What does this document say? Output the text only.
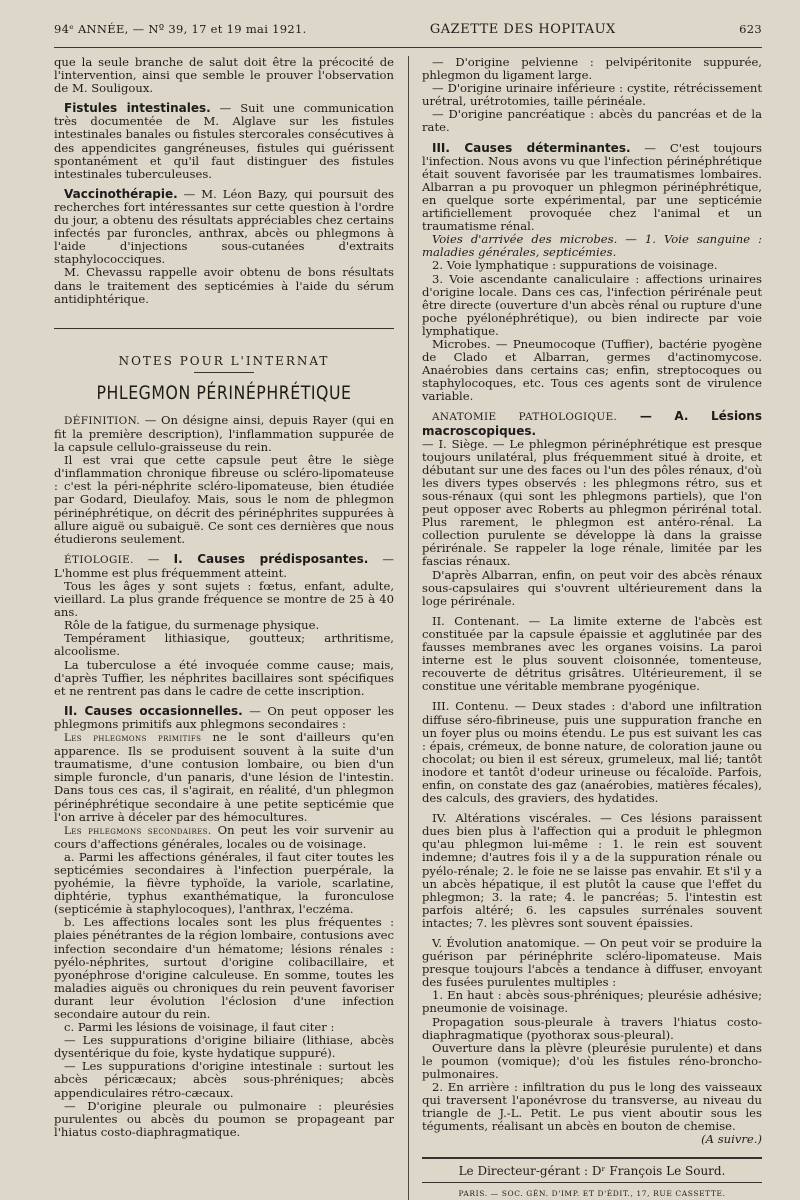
94ᵉ ANNÉE, — Nº 39, 17 et 19 mai 1921.	GAZETTE DES HOPITAUX	623

que la seule branche de salut doit être la précocité de l'intervention, ainsi que semble le prouver l'observation de M. Souligoux.

Fistules intestinales. — Suit une communication très documentée de M. Alglave sur les fistules intestinales banales ou fistules stercorales consécutives à des appendicites gangréneuses, fistules qui guérissent spontanément et qu'il faut distinguer des fistules intestinales tuberculeuses.

Vaccinothérapie. — M. Léon Bazy, qui poursuit des recherches fort intéressantes sur cette question à l'ordre du jour, a obtenu des résultats appréciables chez certains infectés par furoncles, anthrax, abcès ou phlegmons à l'aide d'injections sous-cutanées d'extraits staphylococciques.

M. Chevassu rappelle avoir obtenu de bons résultats dans le traitement des septicémies à l'aide du sérum antidiphtérique.

NOTES POUR L'INTERNAT
PHLEGMON PÉRINÉPHRÉTIQUE

DÉFINITION. — On désigne ainsi, depuis Rayer (qui en fit la première description), l'inflammation suppurée de la capsule cellulo-graisseuse du rein.

Il est vrai que cette capsule peut être le siège d'inflammation chronique fibreuse ou scléro-lipomateuse : c'est la péri-néphrite scléro-lipomateuse, bien étudiée par Godard, Dieulafoy. Mais, sous le nom de phlegmon périnéphrétique, on décrit des périnéphrites suppurées à allure aiguë ou subaiguë. Ce sont ces dernières que nous étudierons seulement.

ÉTIOLOGIE. — I. Causes prédisposantes. — L'homme est plus fréquemment atteint.

Tous les âges y sont sujets : fœtus, enfant, adulte, vieillard. La plus grande fréquence se montre de 25 à 40 ans.

Rôle de la fatigue, du surmenage physique.

Tempérament lithiasique, goutteux; arthritisme, alcoolisme.

La tuberculose a été invoquée comme cause; mais, d'après Tuffier, les néphrites bacillaires sont spécifiques et ne rentrent pas dans le cadre de cette inscription.

II. Causes occasionnelles. — On peut opposer les phlegmons primitifs aux phlegmons secondaires :

Les phlegmons primitifs ne le sont d'ailleurs qu'en apparence. Ils se produisent souvent à la suite d'un traumatisme, d'une contusion lombaire, ou bien d'un simple furoncle, d'un panaris, d'une lésion de l'intestin. Dans tous ces cas, il s'agirait, en réalité, d'un phlegmon périnéphrétique secondaire à une petite septicémie que l'on arrive à déceler par des hémocultures.

Les phlegmons secondaires. On peut les voir survenir au cours d'affections générales, locales ou de voisinage.

a. Parmi les affections générales, il faut citer toutes les septicémies secondaires à l'infection puerpérale, la pyohémie, la fièvre typhoïde, la variole, scarlatine, diphtérie, typhus exanthématique, la furonculose (septicémie à staphylocoques), l'anthrax, l'eczéma.

b. Les affections locales sont les plus fréquentes : plaies pénétrantes de la région lombaire, contusions avec infection secondaire d'un hématome; lésions rénales : pyélo-néphrites, surtout d'origine colibacillaire, et pyonéphrose d'origine calculeuse. En somme, toutes les maladies aiguës ou chroniques du rein peuvent favoriser durant leur évolution l'éclosion d'une infection secondaire autour du rein.

c. Parmi les lésions de voisinage, il faut citer :

— Les suppurations d'origine biliaire (lithiase, abcès dysentérique du foie, kyste hydatique suppuré).

— Les suppurations d'origine intestinale : surtout les abcès péricæcaux; abcès sous-phréniques; abcès appendiculaires rétro-cæcaux.

— D'origine pleurale ou pulmonaire : pleurésies purulentes ou abcès du poumon se propageant par l'hiatus costo-diaphragmatique.

— D'origine pelvienne : pelvipéritonite suppurée, phlegmon du ligament large.

— D'origine urinaire inférieure : cystite, rétrécissement urétral, urétrotomies, taille périnéale.

— D'origine pancréatique : abcès du pancréas et de la rate.

III. Causes déterminantes. — C'est toujours l'infection. Nous avons vu que l'infection périnéphrétique était souvent favorisée par les traumatismes lombaires. Albarran a pu provoquer un phlegmon périnéphrétique, en quelque sorte expérimental, par une septicémie artificiellement provoquée chez l'animal et un traumatisme rénal.

Voies d'arrivée des microbes. — 1. Voie sanguine : maladies générales, septicémies.

2. Voie lymphatique : suppurations de voisinage.

3. Voie ascendante canaliculaire : affections urinaires d'origine locale. Dans ces cas, l'infection périrénale peut être directe (ouverture d'un abcès rénal ou rupture d'une poche pyélonéphrétique), ou bien indirecte par voie lymphatique.

Microbes. — Pneumocoque (Tuffier), bactérie pyogène de Clado et Albarran, germes d'actinomycose. Anaérobies dans certains cas; enfin, streptocoques ou staphylocoques, etc. Tous ces agents sont de virulence variable.

ANATOMIE PATHOLOGIQUE. — A. Lésions macroscopiques.

— I. Siège. — Le phlegmon périnéphrétique est presque toujours unilatéral, plus fréquemment situé à droite, et débutant sur une des faces ou l'un des pôles rénaux, d'où les divers types observés : les phlegmons rétro, sus et sous-rénaux (qui sont les phlegmons partiels), que l'on peut opposer avec Roberts au phlegmon périrénal total. Plus rarement, le phlegmon est antéro-rénal. La collection purulente se développe là dans la graisse périrénale. Se rappeler la loge rénale, limitée par les fascias rénaux.

D'après Albarran, enfin, on peut voir des abcès rénaux sous-capsulaires qui s'ouvrent ultérieurement dans la loge périrénale.

II. Contenant. — La limite externe de l'abcès est constituée par la capsule épaissie et agglutinée par des fausses membranes avec les organes voisins. La paroi interne est le plus souvent cloisonnée, tomenteuse, recouverte de détritus grisâtres. Ultérieurement, il se constitue une véritable membrane pyogénique.

III. Contenu. — Deux stades : d'abord une infiltration diffuse séro-fibrineuse, puis une suppuration franche en un foyer plus ou moins étendu. Le pus est suivant les cas : épais, crémeux, de bonne nature, de coloration jaune ou chocolat; ou bien il est séreux, grumeleux, mal lié; tantôt inodore et tantôt d'odeur urineuse ou fécaloïde. Parfois, enfin, on constate des gaz (anaérobies, matières fécales), des calculs, des graviers, des hydatides.

IV. Altérations viscérales. — Ces lésions paraissent dues bien plus à l'affection qui a produit le phlegmon qu'au phlegmon lui-même : 1. le rein est souvent indemne; d'autres fois il y a de la suppuration rénale ou pyélo-rénale; 2. le foie ne se laisse pas envahir. Et s'il y a un abcès hépatique, il est plutôt la cause que l'effet du phlegmon; 3. la rate; 4. le pancréas; 5. l'intestin est parfois altéré; 6. les capsules surrénales souvent intactes; 7. les plèvres sont souvent épaissies.

V. Évolution anatomique. — On peut voir se produire la guérison par périnéphrite scléro-lipomateuse. Mais presque toujours l'abcès a tendance à diffuser, envoyant des fusées purulentes multiples :

1. En haut : abcès sous-phréniques; pleurésie adhésive; pneumonie de voisinage.

Propagation sous-pleurale à travers l'hiatus costo-diaphragmatique (pyothorax sous-pleural).

Ouverture dans la plèvre (pleurésie purulente) et dans le poumon (vomique); d'où les fistules réno-broncho-pulmonaires.

2. En arrière : infiltration du pus le long des vaisseaux qui traversent l'aponévrose du transverse, au niveau du triangle de J.-L. Petit. Le pus vient aboutir sous les téguments, réalisant un abcès en bouton de chemise.

(A suivre.)
Le Directeur-gérant : Dʳ François Le Sourd.
PARIS. — SOC. GÉN. D'IMP. ET D'ÉDIT., 17, RUE CASSETTE.
